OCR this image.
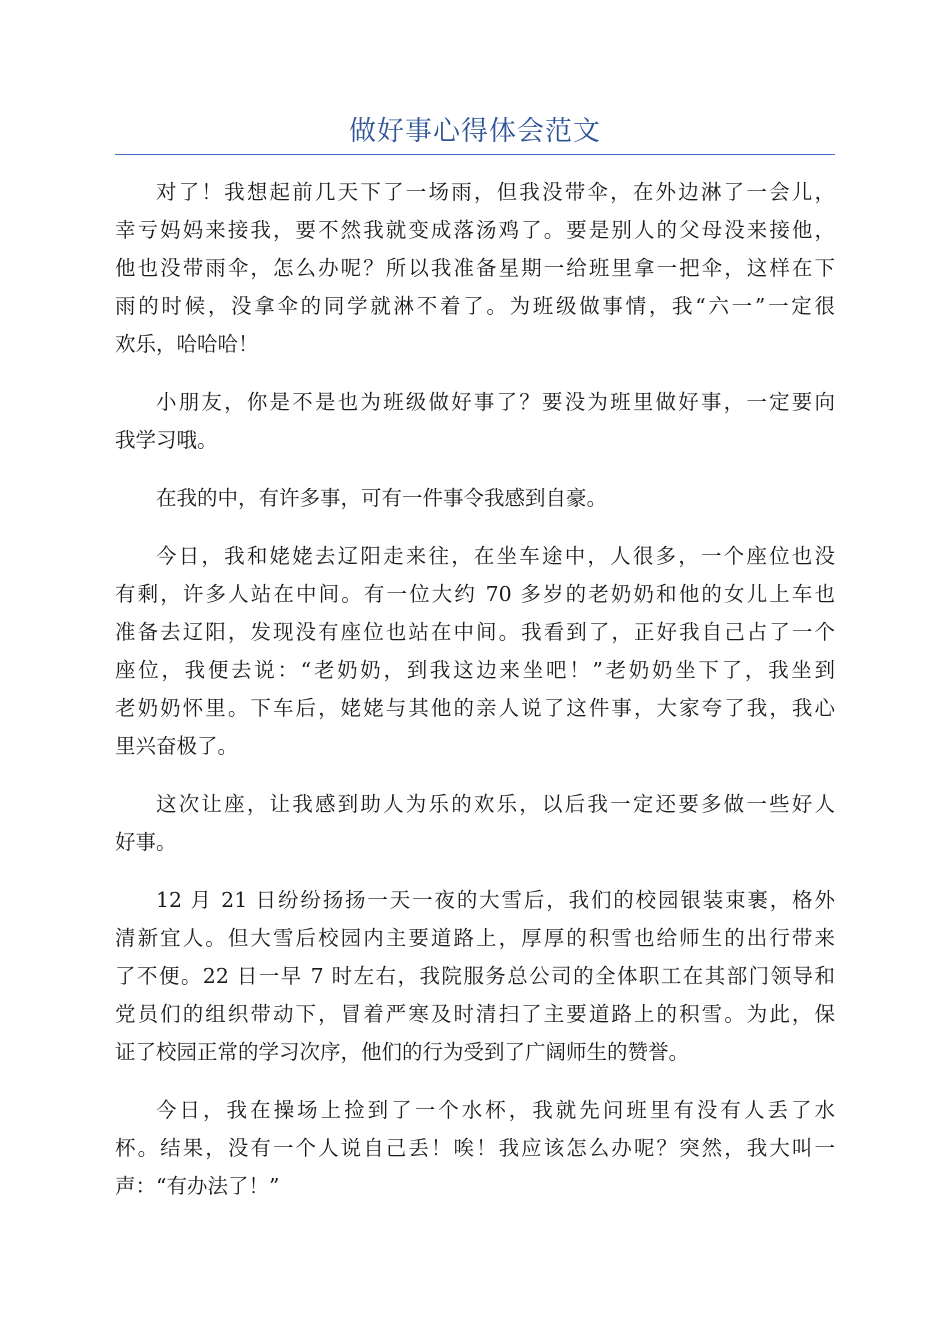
做好事心得体会范文
对了！我想起前几天下了一场雨，但我没带伞，在外边淋了一会儿，
幸亏妈妈来接我，要不然我就变成落汤鸡了。要是别人的父母没来接他，
他也没带雨伞，怎么办呢？所以我准备星期一给班里拿一把伞，这样在下
雨的时候，没拿伞的同学就淋不着了。为班级做事情，我“六一”一定很
欢乐，哈哈哈！
小朋友，你是不是也为班级做好事了？要没为班里做好事，一定要向
我学习哦。
在我的中，有许多事，可有一件事令我感到自豪。
今日，我和姥姥去辽阳走来往，在坐车途中，人很多，一个座位也没
有剩，许多人站在中间。有一位大约 70 多岁的老奶奶和他的女儿上车也
准备去辽阳，发现没有座位也站在中间。我看到了，正好我自己占了一个
座位，我便去说：“老奶奶，到我这边来坐吧！”老奶奶坐下了，我坐到
老奶奶怀里。下车后，姥姥与其他的亲人说了这件事，大家夸了我，我心
里兴奋极了。
这次让座，让我感到助人为乐的欢乐，以后我一定还要多做一些好人
好事。
12 月 21 日纷纷扬扬一天一夜的大雪后，我们的校园银装束裹，格外
清新宜人。但大雪后校园内主要道路上，厚厚的积雪也给师生的出行带来
了不便。22 日一早 7 时左右，我院服务总公司的全体职工在其部门领导和
党员们的组织带动下，冒着严寒及时清扫了主要道路上的积雪。为此，保
证了校园正常的学习次序，他们的行为受到了广阔师生的赞誉。
今日，我在操场上捡到了一个水杯，我就先问班里有没有人丢了水
杯。结果，没有一个人说自己丢！唉！我应该怎么办呢？突然，我大叫一
声：“有办法了！”
